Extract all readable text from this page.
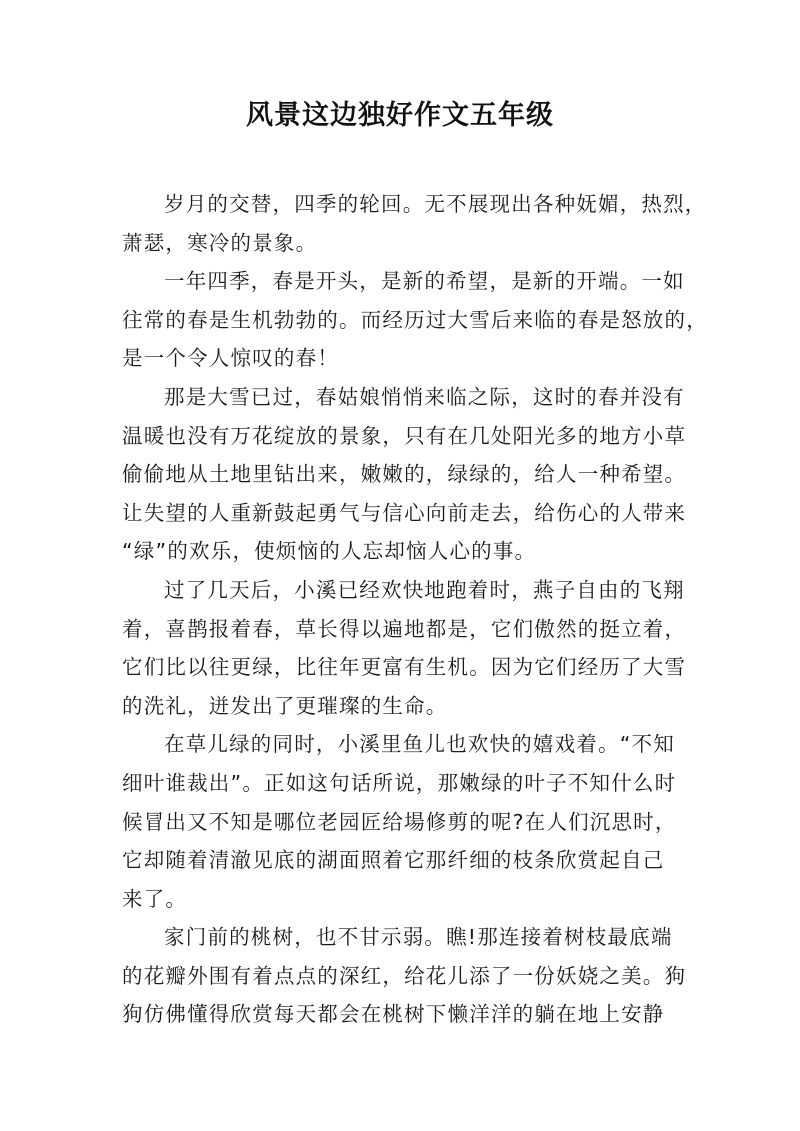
风景这边独好作文五年级
岁月的交替，四季的轮回。无不展现出各种妩媚，热烈，
萧瑟，寒冷的景象。
一年四季，春是开头，是新的希望，是新的开端。一如
往常的春是生机勃勃的。而经历过大雪后来临的春是怒放的，
是一个令人惊叹的春！
那是大雪已过，春姑娘悄悄来临之际，这时的春并没有
温暖也没有万花绽放的景象，只有在几处阳光多的地方小草
偷偷地从土地里钻出来，嫩嫩的，绿绿的，给人一种希望。
让失望的人重新鼓起勇气与信心向前走去，给伤心的人带来
“绿”的欢乐，使烦恼的人忘却恼人心的事。
过了几天后，小溪已经欢快地跑着时，燕子自由的飞翔
着，喜鹊报着春，草长得以遍地都是，它们傲然的挺立着，
它们比以往更绿，比往年更富有生机。因为它们经历了大雪
的洗礼，迸发出了更璀璨的生命。
在草儿绿的同时，小溪里鱼儿也欢快的嬉戏着。“不知
细叶谁裁出”。正如这句话所说，那嫩绿的叶子不知什么时
候冒出又不知是哪位老园匠给場修剪的呢?在人们沉思时，
它却随着清澈见底的湖面照着它那纤细的枝条欣赏起自己
来了。
家门前的桃树，也不甘示弱。瞧!那连接着树枝最底端
的花瓣外围有着点点的深红，给花儿添了一份妖娆之美。狗
狗仿佛懂得欣赏每天都会在桃树下懒洋洋的躺在地上安静
